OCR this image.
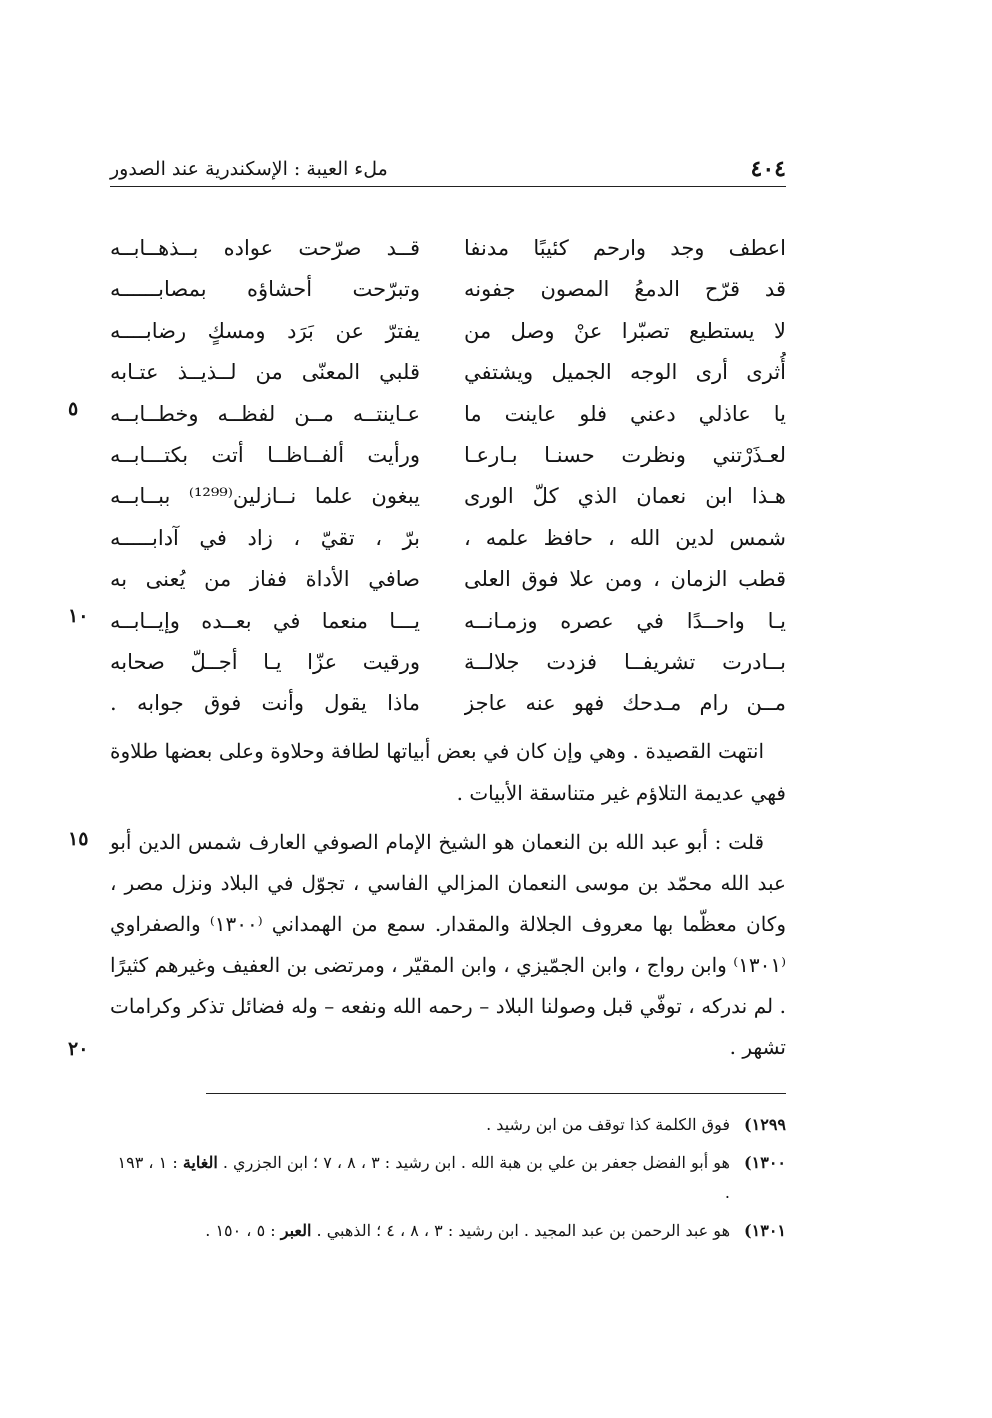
٤٠٤
ملء العيبة : الإسكندرية عند الصدور
اعطف وجد وارحم كئيبًا مدنفا
قــد صرّحت عواده بــذهــابــه
قد قرّح الدمعُ المصون جفونه
وتبرّحت أحشاؤه بمصابــــــه
لا يستطيع تصبّرا عنْ وصل من
يفترّ عن بَرَد ومسكٍ رضابــــه
أُثرى أرى الوجه الجميل ويشتفي
قلبي المعنّى من لــذيــذ عتـابه
يا عاذلي دعني فلو عاينت ما
عـاينتــه مــن لفظــه وخطــابــه
لعـذَرْتني ونظرت حسنـا بـارعـا
ورأيت ألفــاظــا أتت بكتـــابــه
هـذا ابن نعمان الذي كلّ الورى
يبغون علما نــازلين⁽¹²⁹⁹⁾ ببــابــه
شمس لدين الله ، حافظ علمه ،
برّ ، تقيّ ، زاد في آدابـــــه
قطب الزمان ، ومن علا فوق العلى
صافي الأداة ففاز من يُعنى به
يـا واحــدًا في عصره وزمـانــه
يـــا منعما في بعــده وإيــابــه
بــادرت تشريفــا فزدت جلالــة
ورقيت عزّا يـا أجــلّ صحابه
مــن رام مـدحك فهو عنه عاجز
ماذا يقول وأنت فوق جوابه .
٥
١٠
١٥
٢٠

انتهت القصيدة . وهي وإن كان في بعض أبياتها لطافة وحلاوة وعلى بعضها طلاوة فهي عديمة التلاؤم غير متناسقة الأبيات .

قلت : أبو عبد الله بن النعمان هو الشيخ الإمام الصوفي العارف شمس الدين أبو عبد الله محمّد بن موسى النعمان المزالي الفاسي ، تجوّل في البلاد ونزل مصر ، وكان معظّما بها معروف الجلالة والمقدار. سمع من الهمداني ⁽١٣٠٠⁾ والصفراوي ⁽١٣٠١⁾ وابن رواج ، وابن الجمّيزي ، وابن المقيّر ، ومرتضى بن العفيف وغيرهم كثيرًا . لم ندركه ، توفّي قبل وصولنا البلاد – رحمه الله ونفعه – وله فضائل تذكر وكرامات تشهر .

١٢٩٩)
فوق الكلمة كذا توقف من ابن رشيد .
١٣٠٠)
هو أبو الفضل جعفر بن علي بن هبة الله . ابن رشيد : ٣ ، ٨ ، ٧ ؛ ابن الجزري . الغاية : ١ ، ١٩٣ .
١٣٠١)
هو عبد الرحمن بن عبد المجيد . ابن رشيد : ٣ ، ٨ ، ٤ ؛ الذهبي . العبر : ٥ ، ١٥٠ .
